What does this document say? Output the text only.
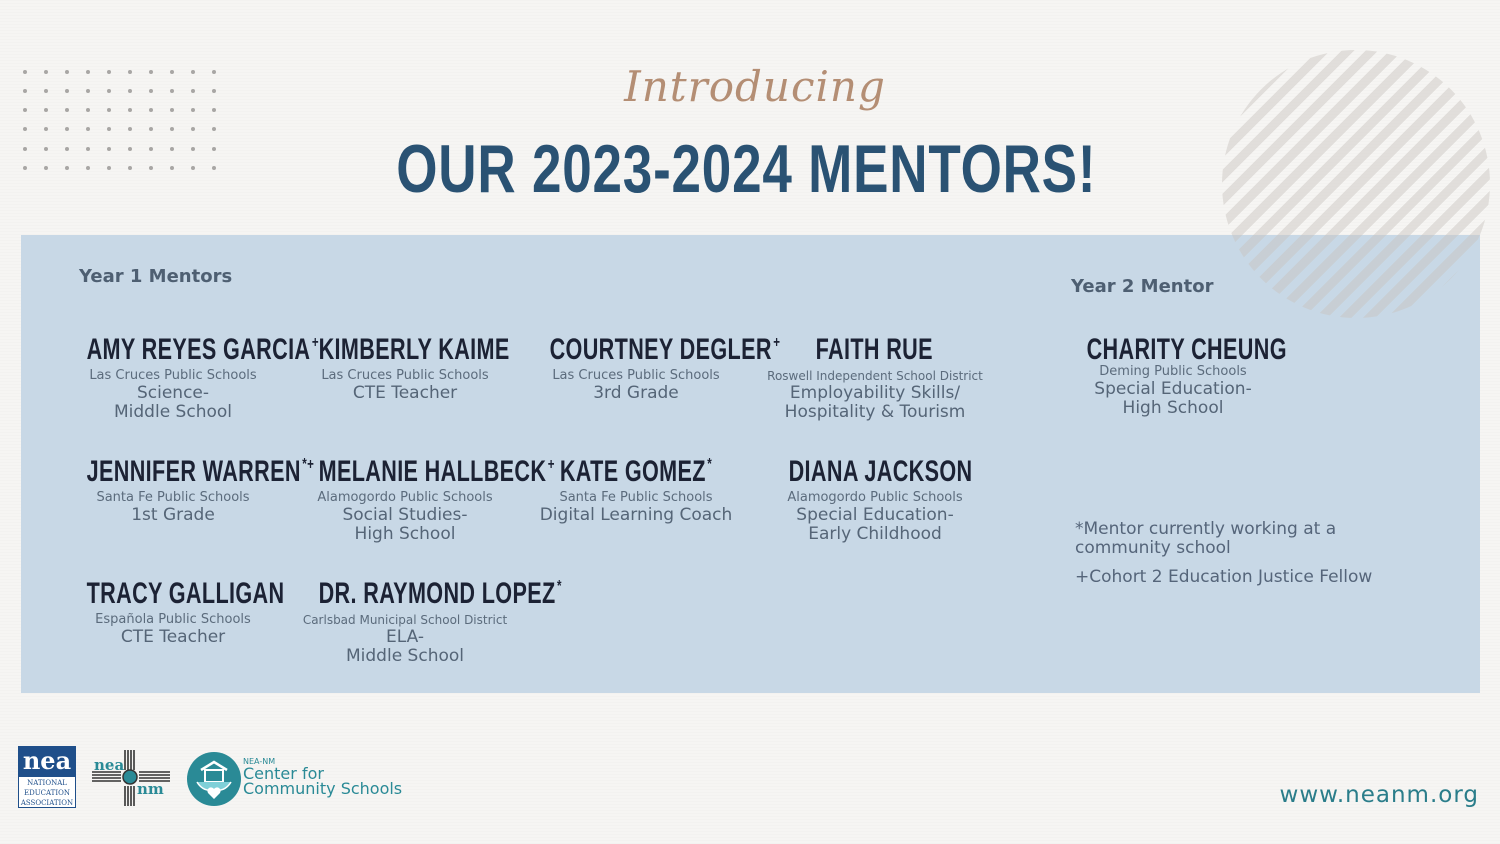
Introducing
OUR 2023-2024 MENTORS!
Year 1 Mentors	Year 2 Mentor
AMY REYES GARCIA+
Las Cruces Public Schools
Science-
Middle School
KIMBERLY KAIME
Las Cruces Public Schools
CTE Teacher
COURTNEY DEGLER+
Las Cruces Public Schools
3rd Grade
FAITH RUE
Roswell Independent School District
Employability Skills/
Hospitality & Tourism
CHARITY CHEUNG
Deming Public Schools
Special Education-
High School
JENNIFER WARREN*+
Santa Fe Public Schools
1st Grade
MELANIE HALLBECK+
Alamogordo Public Schools
Social Studies-
High School
KATE GOMEZ*
Santa Fe Public Schools
Digital Learning Coach
DIANA JACKSON
Alamogordo Public Schools
Special Education-
Early Childhood
TRACY GALLIGAN
Española Public Schools
CTE Teacher
DR. RAYMOND LOPEZ*
Carlsbad Municipal School District
ELA-
Middle School
*Mentor currently working at a community school
+Cohort 2 Education Justice Fellow
nea
NATIONAL
EDUCATION
ASSOCIATION
nea
nm
NEA-NM
Center for
Community Schools	www.neanm.org
